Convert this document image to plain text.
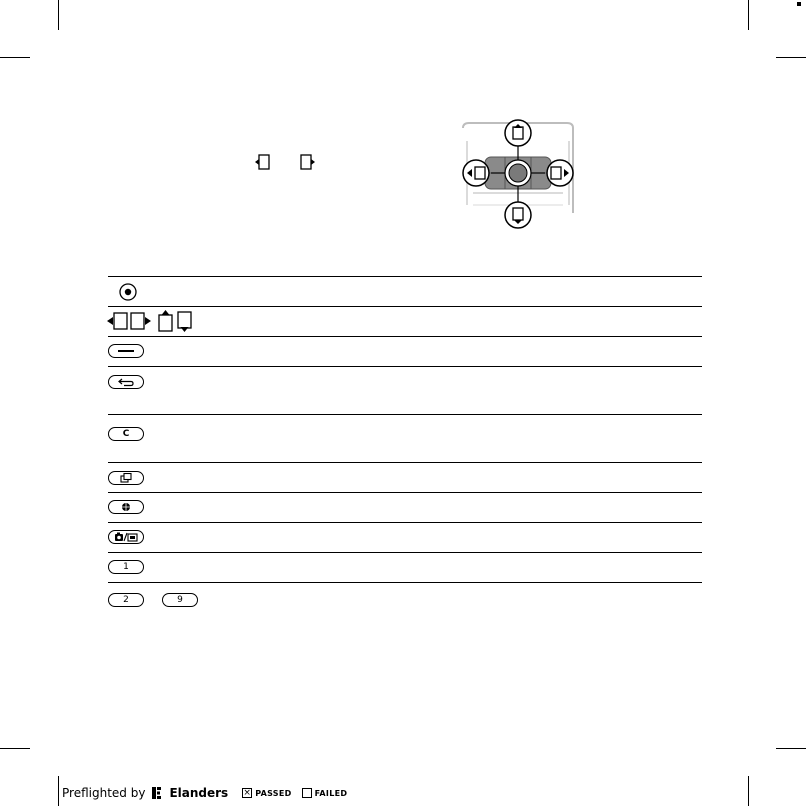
C
1
2	9
Preflighted by Elanders × PASSED	FAILED
